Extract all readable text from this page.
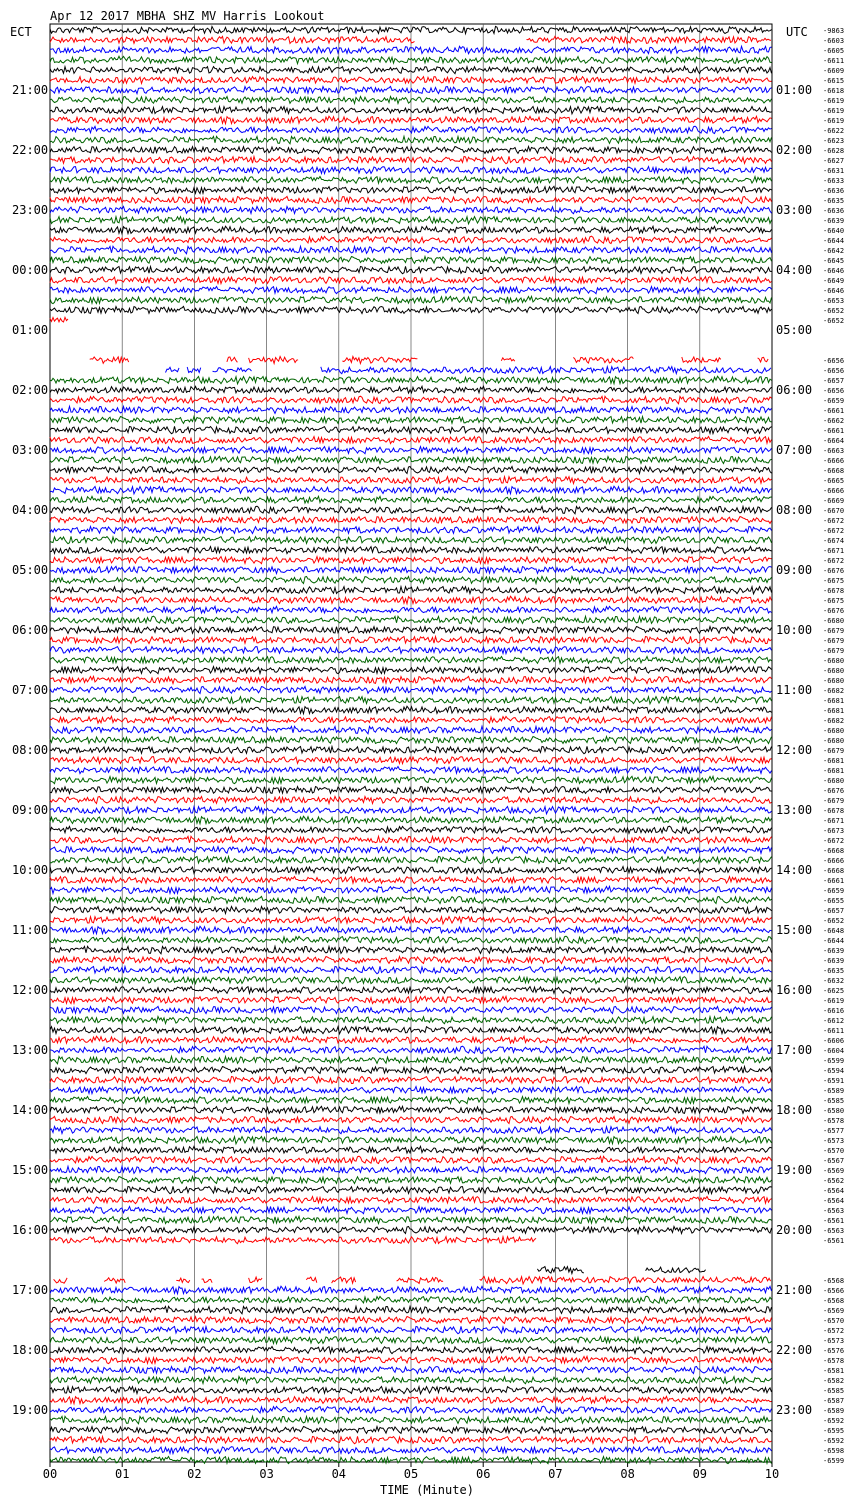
Apr 12 2017 MBHA SHZ MV Harris Lookout
ECT	UTC
TIME (Minute)
00	01	02	03	04	05	06	07	08	09	10
21:00	01:00
22:00	02:00
23:00	03:00
00:00	04:00
01:00	05:00
02:00	06:00
03:00	07:00
04:00	08:00
05:00	09:00
06:00	10:00
07:00	11:00
08:00	12:00
09:00	13:00
10:00	14:00
11:00	15:00
12:00	16:00
13:00	17:00
14:00	18:00
15:00	19:00
16:00	20:00
17:00	21:00
18:00	22:00
19:00	23:00
-9863
-6603
-6605
-6611
-6609
-6615
-6618
-6619
-6619
-6619
-6622
-6623
-6628
-6627
-6631
-6633
-6636
-6635
-6636
-6639
-6640
-6644
-6642
-6645
-6646
-6649
-6646
-6653
-6652
-6652
-6656
-6656
-6657
-6656
-6659
-6661
-6662
-6661
-6664
-6663
-6666
-6668
-6665
-6666
-6669
-6670
-6672
-6672
-6674
-6671
-6672
-6676
-6675
-6678
-6675
-6676
-6680
-6679
-6679
-6679
-6680
-6680
-6680
-6682
-6681
-6681
-6682
-6680
-6680
-6679
-6681
-6681
-6680
-6676
-6679
-6678
-6671
-6673
-6672
-6668
-6666
-6668
-6661
-6659
-6655
-6657
-6652
-6648
-6644
-6639
-6639
-6635
-6632
-6625
-6619
-6616
-6612
-6611
-6606
-6604
-6599
-6594
-6591
-6589
-6585
-6580
-6578
-6577
-6573
-6570
-6567
-6569
-6562
-6564
-6564
-6563
-6561
-6563
-6561
-6568
-6566
-6568
-6569
-6570
-6572
-6573
-6576
-6578
-6581
-6582
-6585
-6587
-6589
-6592
-6595
-6592
-6598
-6599
